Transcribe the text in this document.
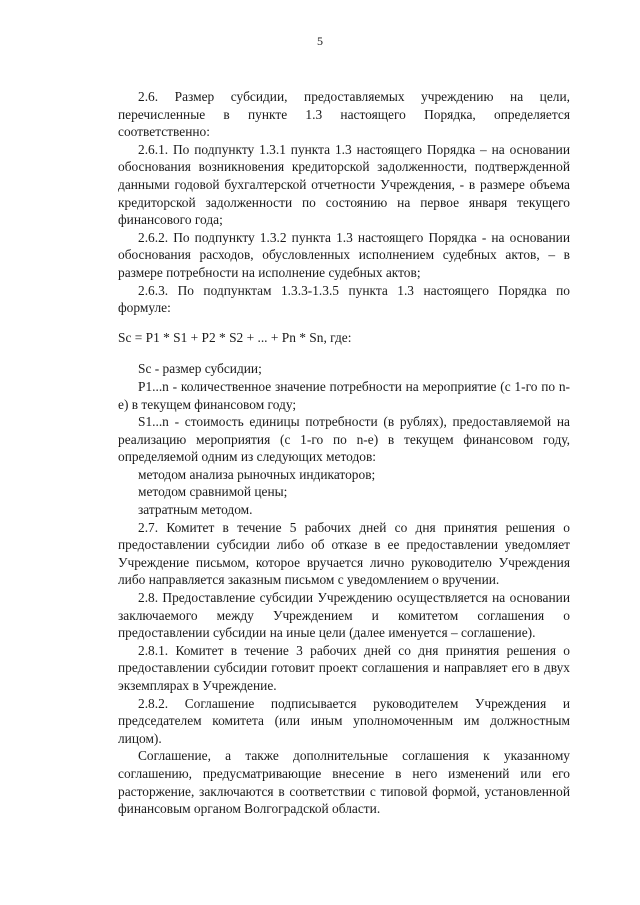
5

2.6. Размер субсидии, предоставляемых учреждению на цели, перечисленные в пункте 1.3 настоящего Порядка, определяется соответственно:

2.6.1. По подпункту 1.3.1 пункта 1.3 настоящего Порядка – на основании обоснования возникновения кредиторской задолженности, подтвержденной данными годовой бухгалтерской отчетности Учреждения, - в размере объема кредиторской задолженности по состоянию на первое января текущего финансового года;

2.6.2. По подпункту 1.3.2 пункта 1.3 настоящего Порядка - на основании обоснования расходов, обусловленных исполнением судебных актов, – в размере потребности на исполнение судебных актов;

2.6.3. По подпунктам 1.3.3-1.3.5 пункта 1.3 настоящего Порядка по формуле:

Sc = P1 * S1 + P2 * S2 + ... + Pn * Sn, где:

Sc - размер субсидии;

P1...n - количественное значение потребности на мероприятие (с 1-го по n-е) в текущем финансовом году;

S1...n - стоимость единицы потребности (в рублях), предоставляемой на реализацию мероприятия (с 1-го по n-е) в текущем финансовом году, определяемой одним из следующих методов:

методом анализа рыночных индикаторов;

методом сравнимой цены;

затратным методом.

2.7. Комитет в течение 5 рабочих дней со дня принятия решения о предоставлении субсидии либо об отказе в ее предоставлении уведомляет Учреждение письмом, которое вручается лично руководителю Учреждения либо направляется заказным письмом с уведомлением о вручении.

2.8. Предоставление субсидии Учреждению осуществляется на основании заключаемого между Учреждением и комитетом соглашения о предоставлении субсидии на иные цели (далее именуется – соглашение).

2.8.1. Комитет в течение 3 рабочих дней со дня принятия решения о предоставлении субсидии готовит проект соглашения и направляет его в двух экземплярах в Учреждение.

2.8.2. Соглашение подписывается руководителем Учреждения и председателем комитета (или иным уполномоченным им должностным лицом).

Соглашение, а также дополнительные соглашения к указанному соглашению, предусматривающие внесение в него изменений или его расторжение, заключаются в соответствии с типовой формой, установленной финансовым органом Волгоградской области.
